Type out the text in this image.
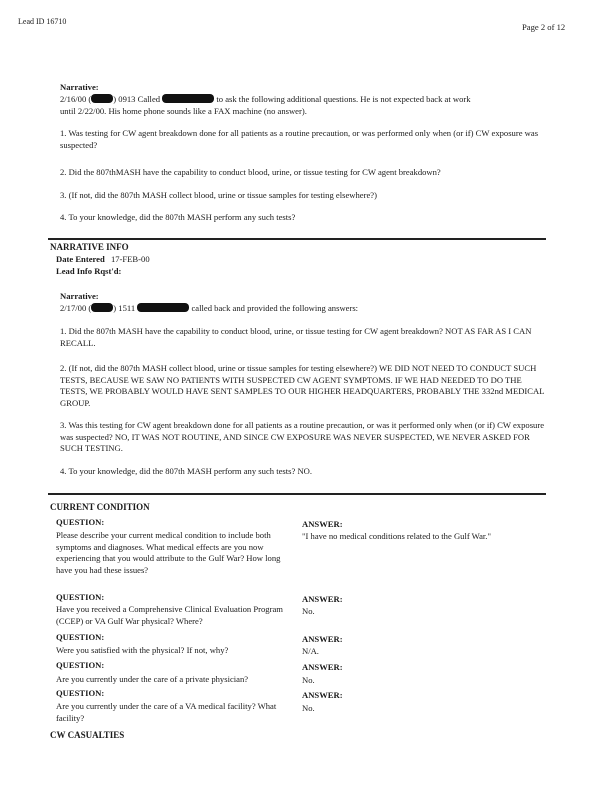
Lead ID 16710
Page 2 of 12
Narrative:
2/16/00 (	) 0913 Called	to ask the following additional questions. He is not expected back at work
until 2/22/00. His home phone sounds like a FAX machine (no answer).
1. Was testing for CW agent breakdown done for all patients as a routine precaution, or was performed only when (or if) CW exposure was suspected?
2. Did the 807thMASH have the capability to conduct blood, urine, or tissue testing for CW agent breakdown?
3. (If not, did the 807th MASH collect blood, urine or tissue samples for testing elsewhere?)
4. To your knowledge, did the 807th MASH perform any such tests?
NARRATIVE INFO
Date Entered 17-FEB-00
Lead Info Rqst'd:
Narrative:
2/17/00 (	) 1511	called back and provided the following answers:
1. Did the 807th MASH have the capability to conduct blood, urine, or tissue testing for CW agent breakdown? NOT AS FAR AS I CAN RECALL.
2. (If not, did the 807th MASH collect blood, urine or tissue samples for testing elsewhere?) WE DID NOT NEED TO CONDUCT SUCH TESTS, BECAUSE WE SAW NO PATIENTS WITH SUSPECTED CW AGENT SYMPTOMS. IF WE HAD NEEDED TO DO THE TESTS, WE PROBABLY WOULD HAVE SENT SAMPLES TO OUR HIGHER HEADQUARTERS, PROBABLY THE 332nd MEDICAL GROUP.
3. Was this testing for CW agent breakdown done for all patients as a routine precaution, or was it performed only when (or if) CW exposure was suspected? NO, IT WAS NOT ROUTINE, AND SINCE CW EXPOSURE WAS NEVER SUSPECTED, WE NEVER ASKED FOR SUCH TESTING.
4. To your knowledge, did the 807th MASH perform any such tests? NO.
CURRENT CONDITION
QUESTION:
Please describe your current medical condition to include both symptoms and diagnoses. What medical effects are you now experiencing that you would attribute to the Gulf War? How long have you had these issues?
ANSWER:
"I have no medical conditions related to the Gulf War."
QUESTION:
Have you received a Comprehensive Clinical Evaluation Program (CCEP) or VA Gulf War physical? Where?
ANSWER:
No.
QUESTION:
Were you satisfied with the physical? If not, why?
ANSWER:
N/A.
QUESTION:
Are you currently under the care of a private physician?
ANSWER:
No.
QUESTION:
Are you currently under the care of a VA medical facility? What facility?
ANSWER:
No.
CW CASUALTIES
